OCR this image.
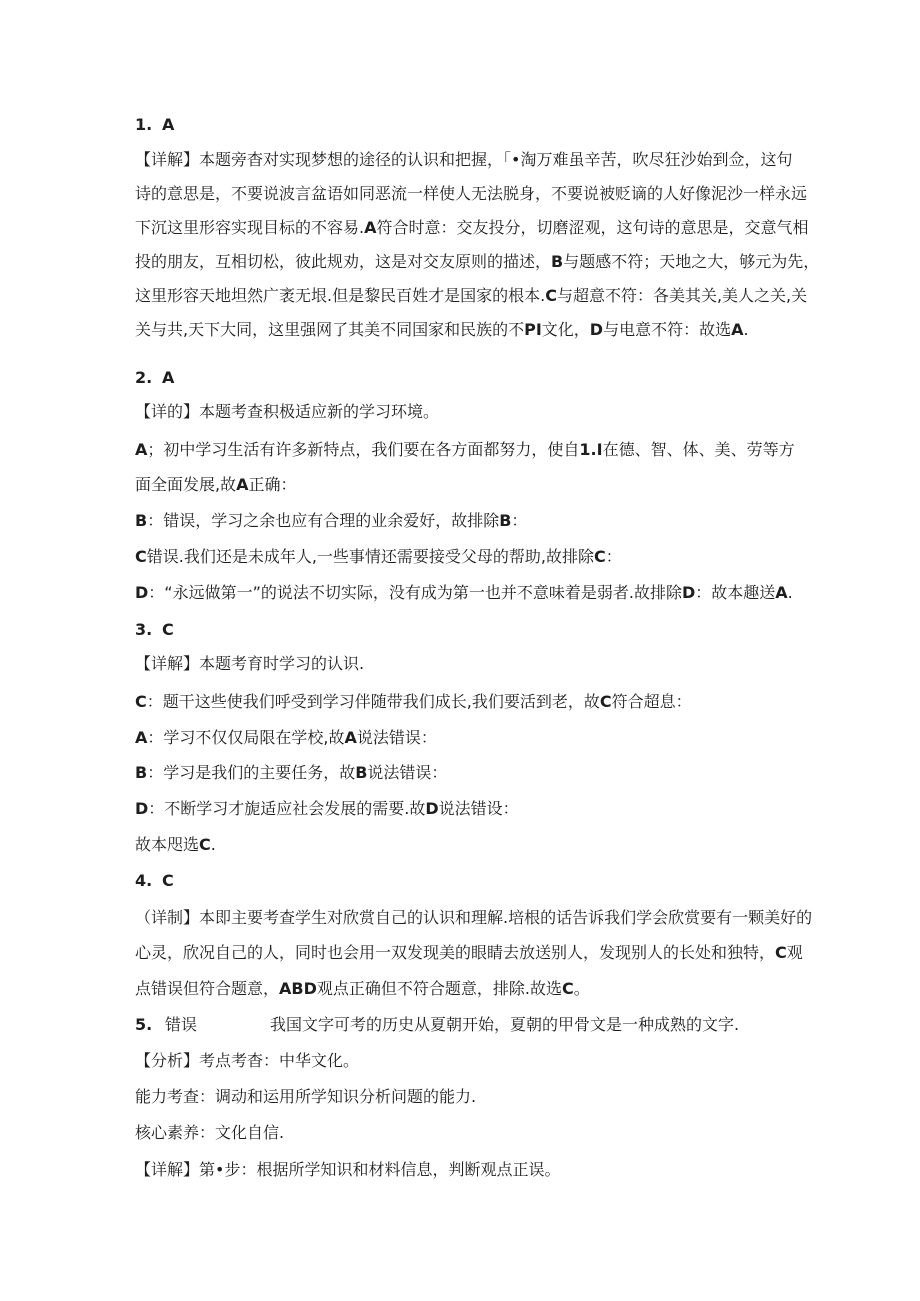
1. A
【详解】本题旁杳对实现梦想的途径的认识和把握，「•淘万难虽辛苦，吹尽狂沙始到佥，这句
诗的意思是，不要说波言盆语如同恶流一样使人无法脱身，不要说被贬谪的人好像泥沙一样永远
下沉这里形容实现目标的不容易.A符合时意：交友投分，切磨涩观，这句诗的意思是，交意气相
投的朋友，互相切松，彼此规劝，这是对交友原则的描述，B与题感不符；天地之大，够元为先，
这里形容天地坦然广袤无垠.但是黎民百姓才是国家的根本.C与超意不符：各美其关,美人之关,关
关与共,天下大同，这里强网了其美不同国家和民族的不PI文化，D与电意不符：故选A.
2. A
【详的】本题考查积极适应新的学习环境。
A；初中学习生活有许多新特点，我们要在各方面都努力，使自1.I在德、智、体、美、劳等方
面全面发展,故A正确：
B：错误，学习之余也应有合理的业余爱好，故排除B：
C错误.我们还是未成年人,一些事情还需要接受父母的帮助,故排除C：
D：“永远做第一”的说法不切实际，没有成为第一也并不意味着是弱者.故排除D：故本趣送A.
3. C
【详解】本题考育时学习的认识.
C：题干这些使我们呼受到学习伴随带我们成长,我们要活到老，故C符合超息：
A：学习不仅仅局限在学校,故A说法错误：
B：学习是我们的主要任务，故B说法错误：
D：不断学习才旎适应社会发展的需要.故D说法错设：
故本咫选C.
4. C
（详制】本即主要考查学生对欣赏自己的认识和理解.培根的话告诉我们学会欣赏要有一颗美好的
心灵，欣况自己的人，同时也会用一双发现美的眼睛去放送别人，发现别人的长处和独特，C观
点错误但符合题意，ABD观点正确但不符合题意，排除.故选C。
5. 错误	我国文字可考的历史从夏朝开始，夏朝的甲骨文是一种成熟的文字.
【分析】考点考杳：中华文化。
能力考查：调动和运用所学知识分析问题的能力.
核心素养：文化自信.
【详解】第•步：根据所学知识和材料信息，判断观点正误。
